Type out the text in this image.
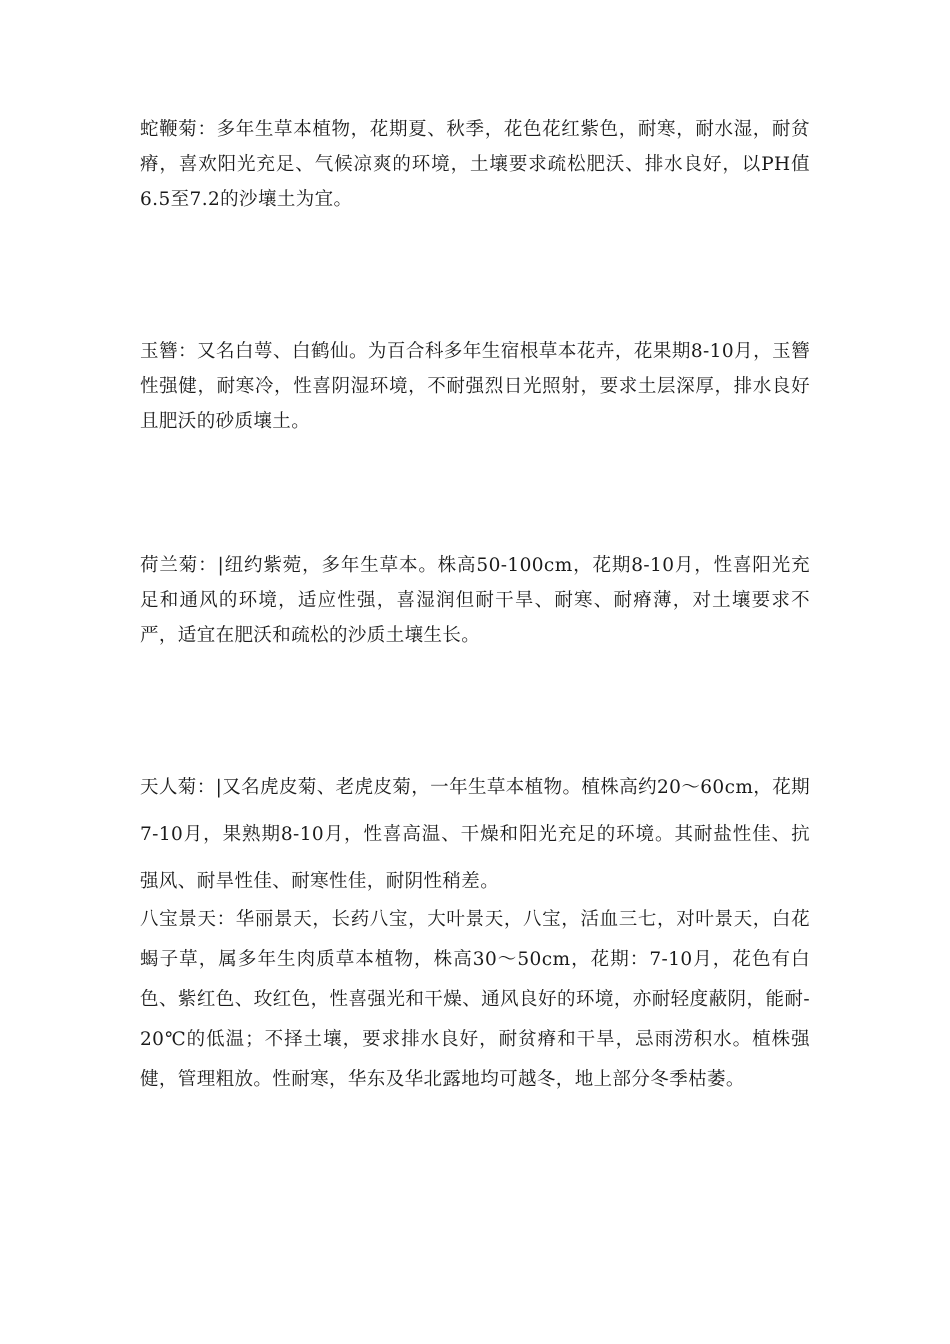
蛇鞭菊：多年生草本植物，花期夏、秋季，花色花红紫色，耐寒，耐水湿，耐贫瘠，喜欢阳光充足、气候凉爽的环境，土壤要求疏松肥沃、排水良好，以PH值6.5至7.2的沙壤土为宜。

玉簪：又名白萼、白鹤仙。为百合科多年生宿根草本花卉，花果期8-10月，玉簪性强健，耐寒冷，性喜阴湿环境，不耐强烈日光照射，要求土层深厚，排水良好且肥沃的砂质壤土。

荷兰菊：|纽约紫菀，多年生草本。株高50-100cm，花期8-10月，性喜阳光充足和通风的环境，适应性强，喜湿润但耐干旱、耐寒、耐瘠薄，对土壤要求不严，适宜在肥沃和疏松的沙质土壤生长。

天人菊：|又名虎皮菊、老虎皮菊，一年生草本植物。植株高约20～60cm，花期7-10月，果熟期8-10月，性喜高温、干燥和阳光充足的环境。其耐盐性佳、抗强风、耐旱性佳、耐寒性佳，耐阴性稍差。

八宝景天：华丽景天，长药八宝，大叶景天，八宝，活血三七，对叶景天，白花蝎子草，属多年生肉质草本植物，株高30～50cm，花期：7-10月，花色有白色、紫红色、玫红色，性喜强光和干燥、通风良好的环境，亦耐轻度蔽阴，能耐-20℃的低温；不择土壤，要求排水良好，耐贫瘠和干旱，忌雨涝积水。植株强健，管理粗放。性耐寒，华东及华北露地均可越冬，地上部分冬季枯萎。
